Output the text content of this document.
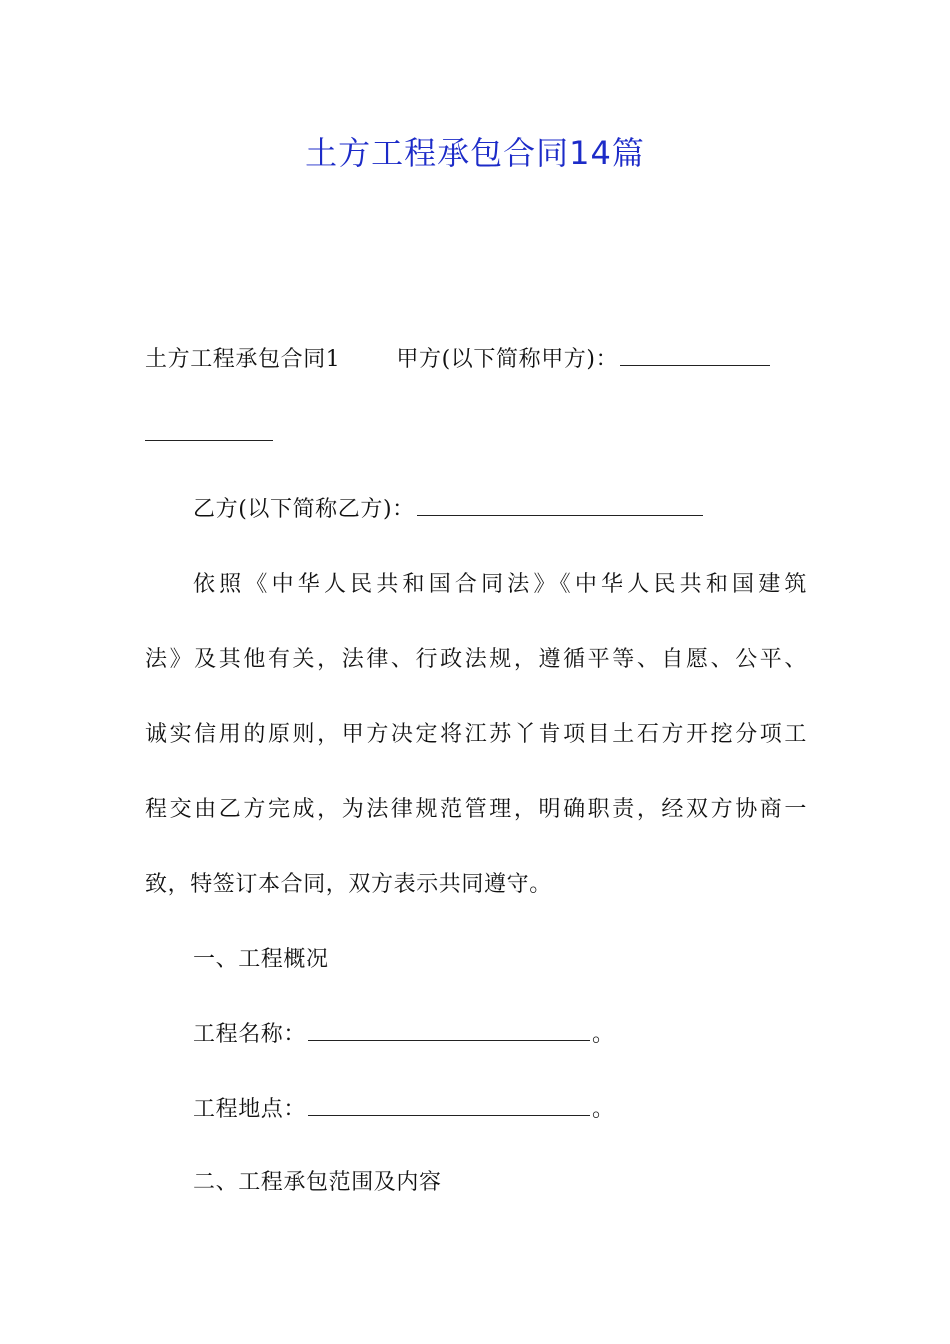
土方工程承包合同14篇
土方工程承包合同1	甲方(以下简称甲方)：
乙方(以下简称乙方)：
依照《中华人民共和国合同法》《中华人民共和国建筑
法》及其他有关，法律、行政法规，遵循平等、自愿、公平、
诚实信用的原则，甲方决定将江苏丫肯项目土石方开挖分项工
程交由乙方完成，为法律规范管理，明确职责，经双方协商一
致，特签订本合同，双方表示共同遵守。
一、工程概况
工程名称：	。
工程地点：	。
二、工程承包范围及内容
